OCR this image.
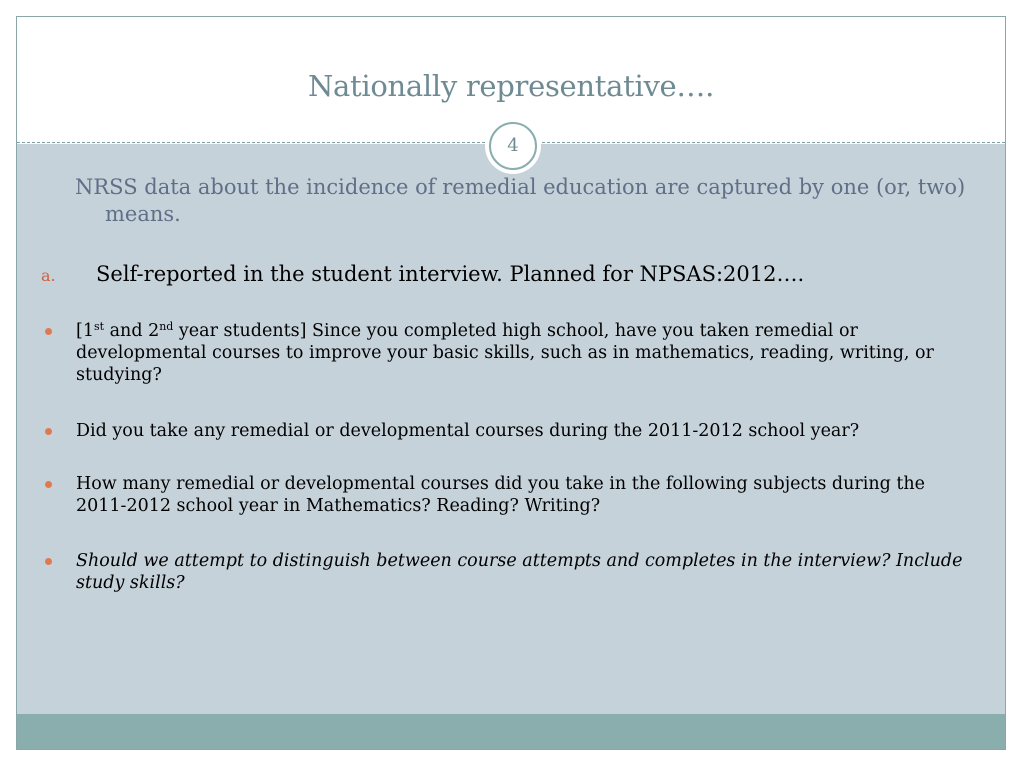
Nationally representative….
4

NRSS data about the incidence of remedial education are captured by one (or, two) means.

a. Self-reported in the student interview. Planned for NPSAS:2012….
[1st and 2nd year students] Since you completed high school, have you taken remedial or developmental courses to improve your basic skills, such as in mathematics, reading, writing, or studying?
Did you take any remedial or developmental courses during the 2011-2012 school year?
How many remedial or developmental courses did you take in the following subjects during the 2011-2012 school year in Mathematics? Reading? Writing?
Should we attempt to distinguish between course attempts and completes in the interview? Include study skills?
